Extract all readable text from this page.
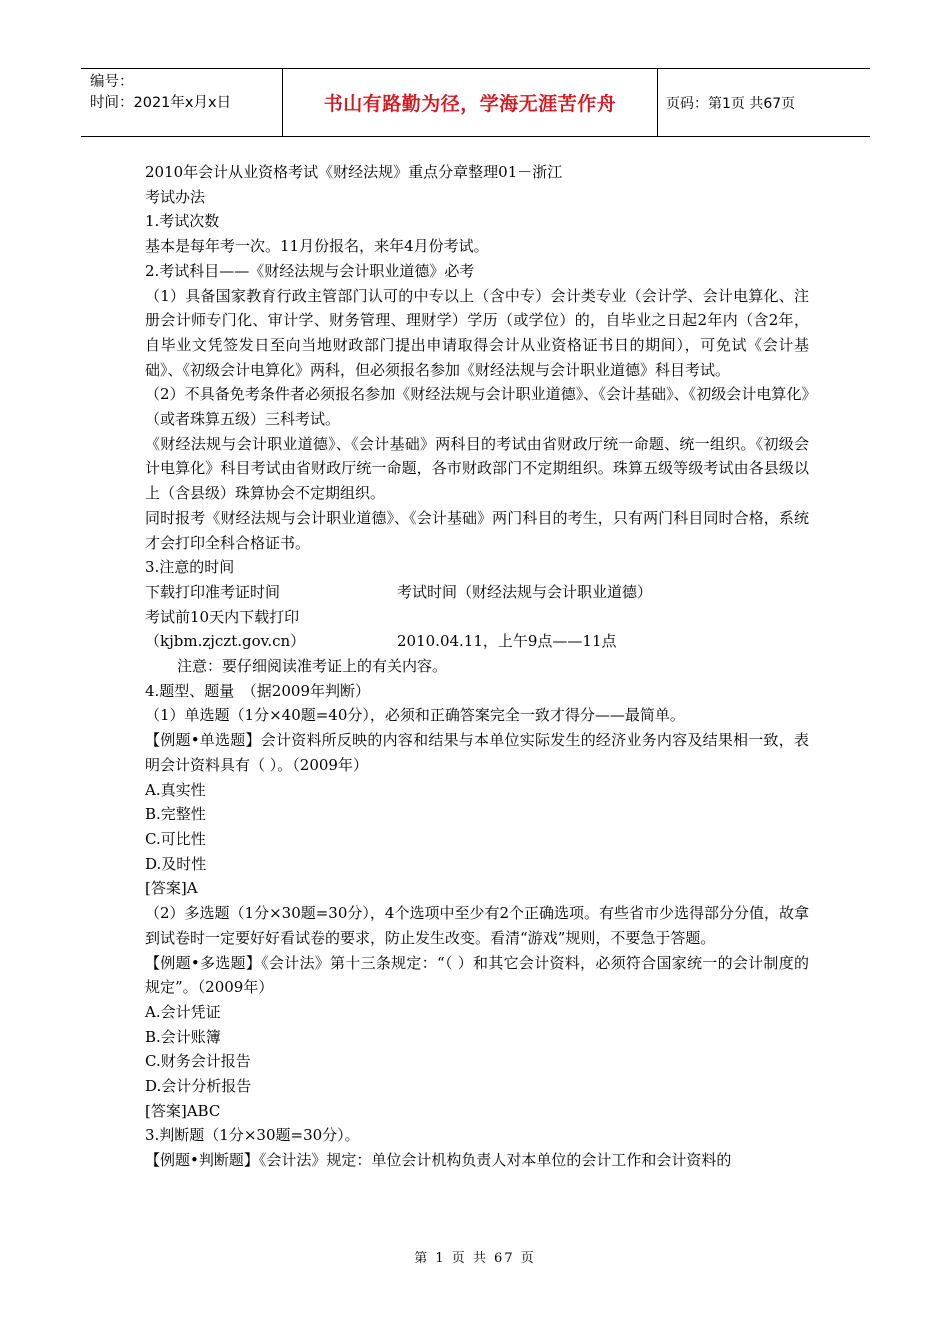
编号：
时间：2021年x月x日	书山有路勤为径，学海无涯苦作舟	页码：第1页 共67页

2010年会计从业资格考试《财经法规》重点分章整理01－浙江

考试办法

1.考试次数

基本是每年考一次。11月份报名，来年4月份考试。

2.考试科目——《财经法规与会计职业道德》必考

（1）具备国家教育行政主管部门认可的中专以上（含中专）会计类专业（会计学、会计电算化、注册会计师专门化、审计学、财务管理、理财学）学历（或学位）的，自毕业之日起2年内（含2年，自毕业文凭签发日至向当地财政部门提出申请取得会计从业资格证书日的期间），可免试《会计基础》、《初级会计电算化》两科，但必须报名参加《财经法规与会计职业道德》科目考试。

（2）不具备免考条件者必须报名参加《财经法规与会计职业道德》、《会计基础》、《初级会计电算化》（或者珠算五级）三科考试。

《财经法规与会计职业道德》、《会计基础》两科目的考试由省财政厅统一命题、统一组织。《初级会计电算化》科目考试由省财政厅统一命题，各市财政部门不定期组织。珠算五级等级考试由各县级以上（含县级）珠算协会不定期组织。

同时报考《财经法规与会计职业道德》、《会计基础》两门科目的考生，只有两门科目同时合格，系统才会打印全科合格证书。

3.注意的时间

下载打印准考证时间	考试时间（财经法规与会计职业道德）

考试前10天内下载打印

（kjbm.zjczt.gov.cn）	2010.04.11，上午9点——11点

注意：要仔细阅读准考证上的有关内容。

4.题型、题量　（据2009年判断）

（1）单选题（1分×40题=40分），必须和正确答案完全一致才得分——最简单。

【例题•单选题】会计资料所反映的内容和结果与本单位实际发生的经济业务内容及结果相一致，表明会计资料具有（ ）。（2009年）

A.真实性

B.完整性

C.可比性

D.及时性

[答案]A

（2）多选题（1分×30题=30分），4个选项中至少有2个正确选项。有些省市少选得部分分值，故拿到试卷时一定要好好看试卷的要求，防止发生改变。看清“游戏”规则，不要急于答题。

【例题•多选题】《会计法》第十三条规定：“（ ）和其它会计资料，必须符合国家统一的会计制度的规定”。（2009年）

A.会计凭证

B.会计账簿

C.财务会计报告

D.会计分析报告

[答案]ABC

3.判断题（1分×30题=30分）。

【例题•判断题】《会计法》规定：单位会计机构负责人对本单位的会计工作和会计资料的

第 1 页 共 67 页
